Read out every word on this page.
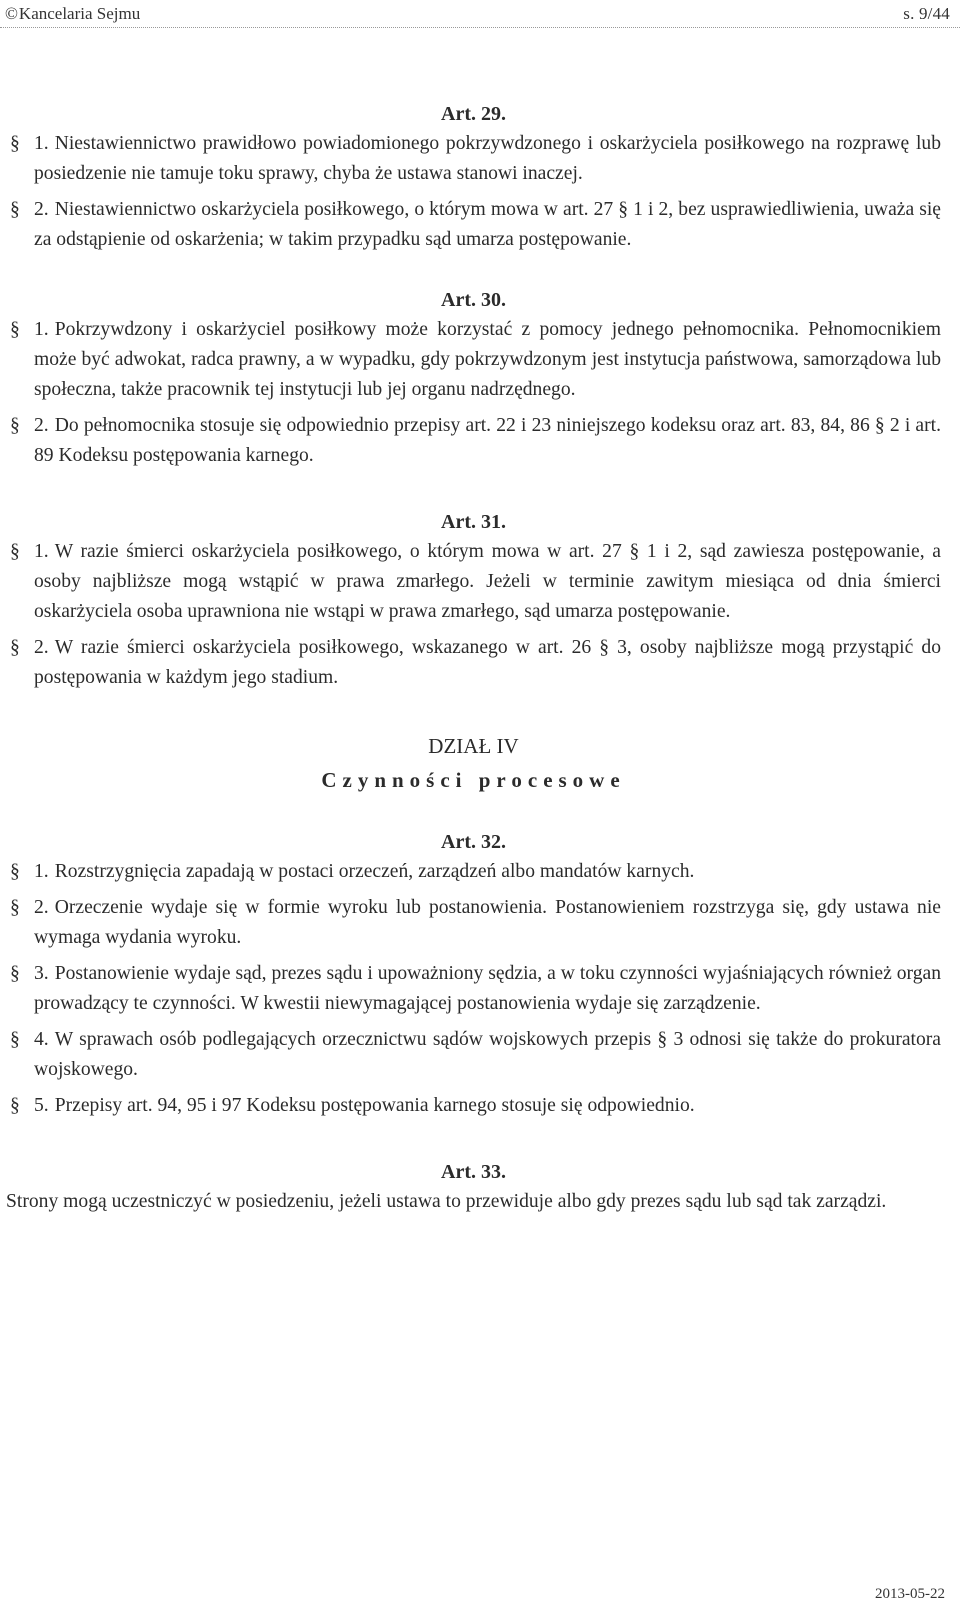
© Kancelaria Sejmu	s. 9/44

Art. 29.

§ 1. Niestawiennictwo prawidłowo powiadomionego pokrzywdzonego i oskarżyciela posiłkowego na rozprawę lub posiedzenie nie tamuje toku sprawy, chyba że ustawa stanowi inaczej.
§ 2. Niestawiennictwo oskarżyciela posiłkowego, o którym mowa w art. 27 § 1 i 2, bez usprawiedliwienia, uważa się za odstąpienie od oskarżenia; w takim przypadku sąd umarza postępowanie.

Art. 30.

§ 1. Pokrzywdzony i oskarżyciel posiłkowy może korzystać z pomocy jednego pełnomocnika. Pełnomocnikiem może być adwokat, radca prawny, a w wypadku, gdy pokrzywdzonym jest instytucja państwowa, samorządowa lub społeczna, także pracownik tej instytucji lub jej organu nadrzędnego.
§ 2. Do pełnomocnika stosuje się odpowiednio przepisy art. 22 i 23 niniejszego kodeksu oraz art. 83, 84, 86 § 2 i art. 89 Kodeksu postępowania karnego.

Art. 31.

§ 1. W razie śmierci oskarżyciela posiłkowego, o którym mowa w art. 27 § 1 i 2, sąd zawiesza postępowanie, a osoby najbliższe mogą wstąpić w prawa zmarłego. Jeżeli w terminie zawitym miesiąca od dnia śmierci oskarżyciela osoba uprawniona nie wstąpi w prawa zmarłego, sąd umarza postępowanie.
§ 2. W razie śmierci oskarżyciela posiłkowego, wskazanego w art. 26 § 3, osoby najbliższe mogą przystąpić do postępowania w każdym jego stadium.

DZIAŁ IV

Czynności procesowe

Art. 32.

§ 1. Rozstrzygnięcia zapadają w postaci orzeczeń, zarządzeń albo mandatów karnych.
§ 2. Orzeczenie wydaje się w formie wyroku lub postanowienia. Postanowieniem rozstrzyga się, gdy ustawa nie wymaga wydania wyroku.
§ 3. Postanowienie wydaje sąd, prezes sądu i upoważniony sędzia, a w toku czynności wyjaśniających również organ prowadzący te czynności. W kwestii niewymagającej postanowienia wydaje się zarządzenie.
§ 4. W sprawach osób podlegających orzecznictwu sądów wojskowych przepis § 3 odnosi się także do prokuratora wojskowego.
§ 5. Przepisy art. 94, 95 i 97 Kodeksu postępowania karnego stosuje się odpowiednio.

Art. 33.

Strony mogą uczestniczyć w posiedzeniu, jeżeli ustawa to przewiduje albo gdy prezes sądu lub sąd tak zarządzi.

2013-05-22
